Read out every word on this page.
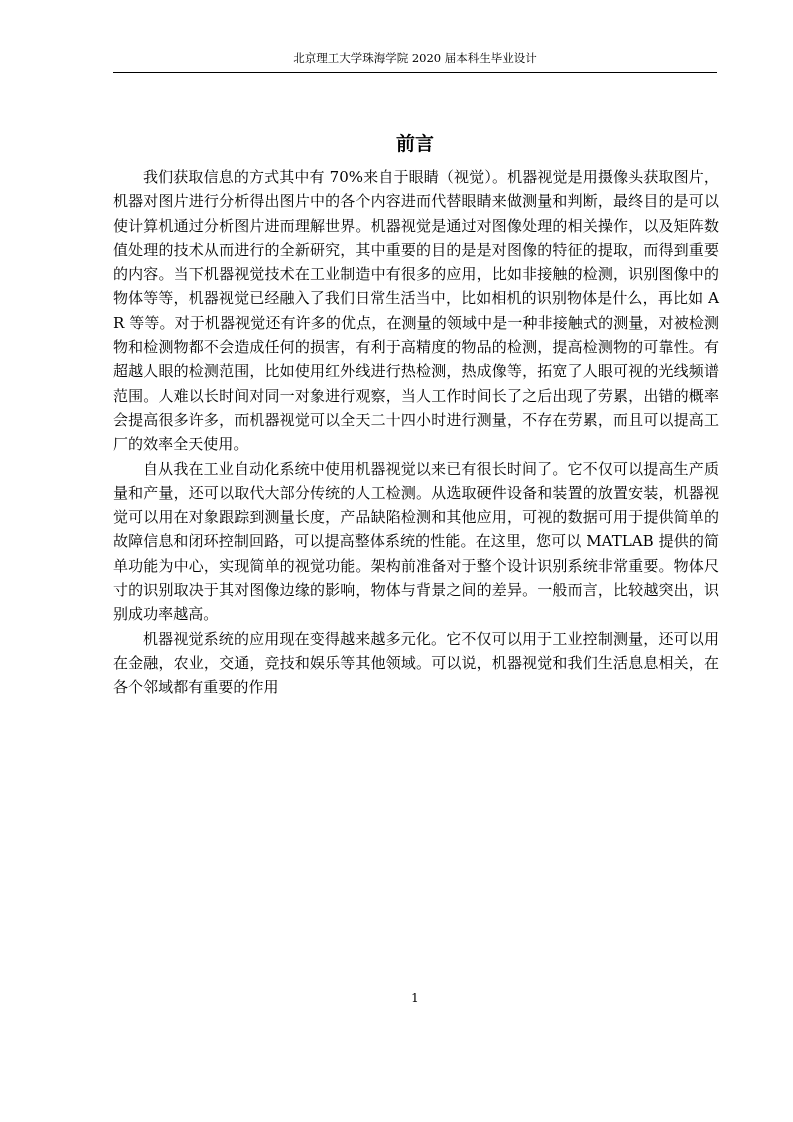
北京理工大学珠海学院 2020 届本科生毕业设计
前言

我们获取信息的方式其中有 70%来自于眼睛（视觉）。机器视觉是用摄像头获取图片，机器对图片进行分析得出图片中的各个内容进而代替眼睛来做测量和判断，最终目的是可以使计算机通过分析图片进而理解世界。机器视觉是通过对图像处理的相关操作，以及矩阵数值处理的技术从而进行的全新研究，其中重要的目的是是对图像的特征的提取，而得到重要的内容。当下机器视觉技术在工业制造中有很多的应用，比如非接触的检测，识别图像中的物体等等，机器视觉已经融入了我们日常生活当中，比如相机的识别物体是什么，再比如 AR 等等。对于机器视觉还有许多的优点，在测量的领域中是一种非接触式的测量，对被检测物和检测物都不会造成任何的损害，有利于高精度的物品的检测，提高检测物的可靠性。有超越人眼的检测范围，比如使用红外线进行热检测，热成像等，拓宽了人眼可视的光线频谱范围。人难以长时间对同一对象进行观察，当人工作时间长了之后出现了劳累，出错的概率会提高很多许多，而机器视觉可以全天二十四小时进行测量，不存在劳累，而且可以提高工厂的效率全天使用。

自从我在工业自动化系统中使用机器视觉以来已有很长时间了。它不仅可以提高生产质量和产量，还可以取代大部分传统的人工检测。从选取硬件设备和装置的放置安装，机器视觉可以用在对象跟踪到测量长度，产品缺陷检测和其他应用，可视的数据可用于提供简单的故障信息和闭环控制回路，可以提高整体系统的性能。在这里，您可以 MATLAB 提供的简单功能为中心，实现简单的视觉功能。架构前准备对于整个设计识别系统非常重要。物体尺寸的识别取决于其对图像边缘的影响，物体与背景之间的差异。一般而言，比较越突出，识别成功率越高。

机器视觉系统的应用现在变得越来越多元化。它不仅可以用于工业控制测量，还可以用在金融，农业，交通，竞技和娱乐等其他领域。可以说，机器视觉和我们生活息息相关，在各个邻域都有重要的作用

1
